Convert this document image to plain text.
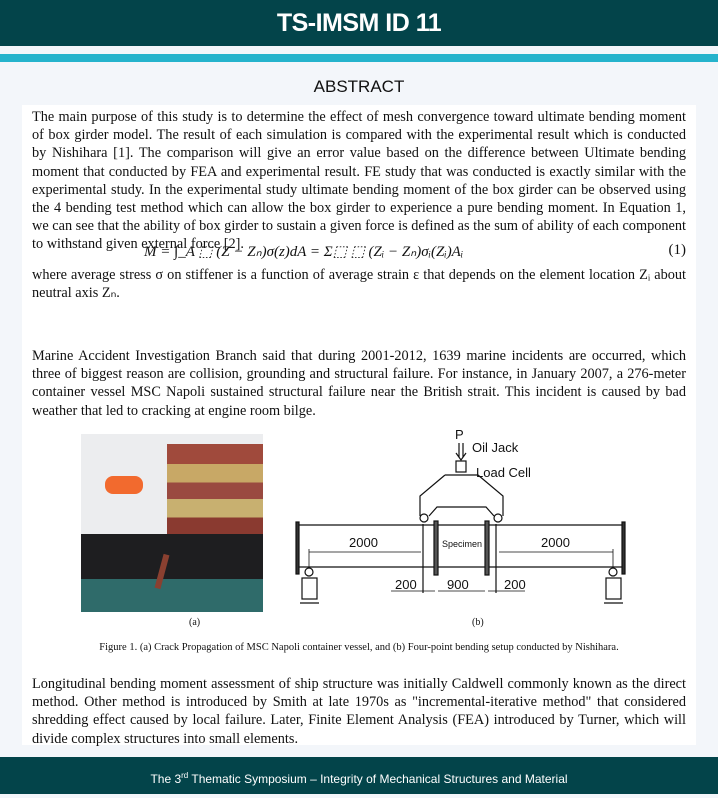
TS-IMSM ID 11
ABSTRACT
The main purpose of this study is to determine the effect of mesh convergence toward ultimate bending moment of box girder model. The result of each simulation is compared with the experimental result which is conducted by Nishihara [1]. The comparison will give an error value based on the difference between Ultimate bending moment that conducted by FEA and experimental result. FE study that was conducted is exactly similar with the experimental study. In the experimental study ultimate bending moment of the box girder can be observed using the 4 bending test method which can allow the box girder to experience a pure bending moment. In Equation 1, we can see that the ability of box girder to sustain a given force is defined as the sum of ability of each component to withstand given external force [2].
M = ∫_A ⬚ (Z − Zₙ)σ(z)dA = Σ⬚ ⬚ (Zᵢ − Zₙ)σᵢ(Zᵢ)Aᵢ	(1)
where average stress σ on stiffener is a function of average strain ε that depends on the element location Zᵢ about neutral axis Zₙ.
Marine Accident Investigation Branch said that during 2001-2012, 1639 marine incidents are occurred, which three of biggest reason are collision, grounding and structural failure. For instance, in January 2007, a 276-meter container vessel MSC Napoli sustained structural failure near the British strait. This incident is caused by bad weather that led to cracking at engine room bilge.
(a)
P
Oil Jack
Load Cell
2000	Specimen	2000
200 900	200
(b)
Figure 1. (a) Crack Propagation of MSC Napoli container vessel, and (b) Four-point bending setup conducted by Nishihara.
Longitudinal bending moment assessment of ship structure was initially Caldwell commonly known as the direct method. Other method is introduced by Smith at late 1970s as "incremental-iterative method" that considered shredding effect caused by local failure. Later, Finite Element Analysis (FEA) introduced by Turner, which will divide complex structures into small elements.
The 3rd Thematic Symposium – Integrity of Mechanical Structures and Material
